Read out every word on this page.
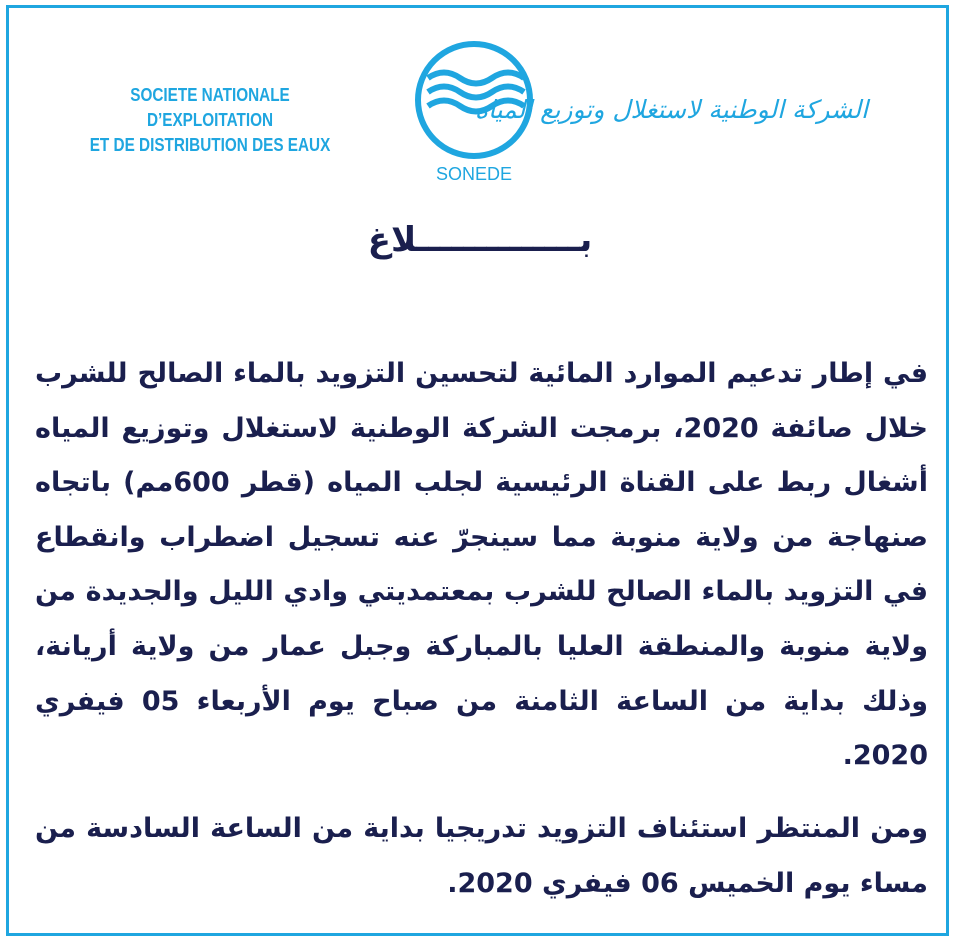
SOCIETE NATIONALE D’EXPLOITATION
ET DE DISTRIBUTION DES EAUX
SONEDE
الشركة الوطنية لاستغلال وتوزيع المياه
بــــــــــــــلاغ
في إطار تدعيم الموارد المائية لتحسين التزويد بالماء الصالح للشرب خلال صائفة 2020، برمجت الشركة الوطنية لاستغلال وتوزيع المياه أشغال ربط على القناة الرئيسية لجلب المياه (قطر 600مم) باتجاه صنهاجة من ولاية منوبة مما سينجرّ عنه تسجيل اضطراب وانقطاع في التزويد بالماء الصالح للشرب بمعتمديتي وادي الليل والجديدة من ولاية منوبة والمنطقة العليا بالمباركة وجبل عمار من ولاية أريانة، وذلك بداية من الساعة الثامنة من صباح يوم الأربعاء 05 فيفري 2020.
ومن المنتظر استئناف التزويد تدريجيا بداية من الساعة السادسة من مساء يوم الخميس 06 فيفري 2020.
